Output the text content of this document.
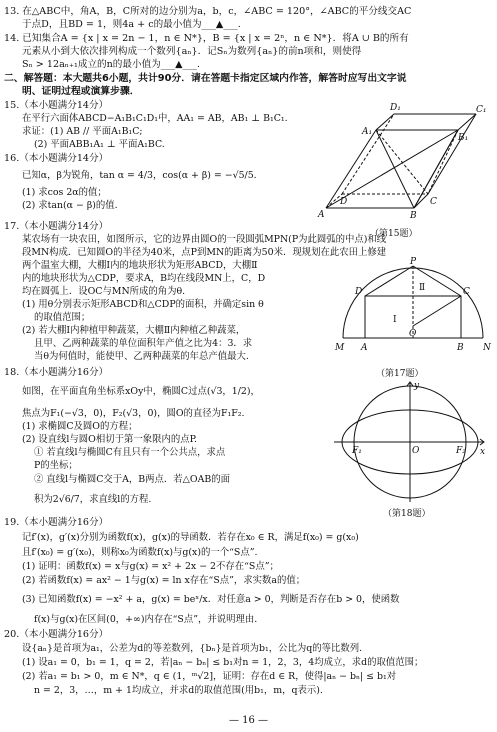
13. 在△ABC中，角A，B，C所对的边分别为a，b，c，∠ABC = 120°，∠ABC的平分线交AC
于点D，且BD = 1，则4a + c的最小值为___▲___.
14. 已知集合A = {x | x = 2n − 1，n ∈ N*}，B = {x | x = 2ⁿ，n ∈ N*}．将A ∪ B的所有
元素从小到大依次排列构成一个数列{aₙ}．记Sₙ为数列{aₙ}的前n项和，则使得
Sₙ > 12aₙ₊₁成立的n的最小值为___▲___.
二、解答题：本大题共6小题，共计90分．请在答题卡指定区域内作答，解答时应写出文字说
明、证明过程或演算步骤．
15.（本小题满分14分）
在平行六面体ABCD−A₁B₁C₁D₁中，AA₁ = AB，AB₁ ⊥ B₁C₁.
求证：(1) AB // 平面A₁B₁C;
(2) 平面ABB₁A₁ ⊥ 平面A₁BC.
16.（本小题满分14分）
已知α，β为锐角，tan α = 4/3，cos(α + β) = −√5/5.
(1) 求cos 2α的值；
(2) 求tan(α − β)的值.
17.（本小题满分14分）
某农场有一块农田，如图所示，它的边界由圆O的一段圆弧MPN(P为此圆弧的中点)和线
段MN构成．已知圆O的半径为40米，点P到MN的距离为50米．现规划在此农田上修建
两个温室大棚，大棚Ⅰ内的地块形状为矩形ABCD，大棚Ⅱ
内的地块形状为△CDP，要求A，B均在线段MN上，C，D
均在圆弧上．设OC与MN所成的角为θ.
(1) 用θ分别表示矩形ABCD和△CDP的面积，并确定sin θ
的取值范围；
(2) 若大棚Ⅰ内种植甲种蔬菜，大棚Ⅱ内种植乙种蔬菜，
且甲、乙两种蔬菜的单位面积年产值之比为4：3．求
当θ为何值时，能使甲、乙两种蔬菜的年总产值最大.
18.（本小题满分16分）
如图，在平面直角坐标系xOy中，椭圆C过点(√3，1/2)，
焦点为F₁(−√3，0)，F₂(√3，0)，圆O的直径为F₁F₂.
(1) 求椭圆C及圆O的方程；
(2) 设直线l与圆O相切于第一象限内的点P.
① 若直线l与椭圆C有且只有一个公共点，求点
P的坐标；
② 直线l与椭圆C交于A，B两点．若△OAB的面
积为2√6/7，求直线l的方程.
19.（本小题满分16分）
记f′(x)，g′(x)分别为函数f(x)，g(x)的导函数．若存在x₀ ∈ R，满足f(x₀) = g(x₀)
且f′(x₀) = g′(x₀)，则称x₀为函数f(x)与g(x)的一个“S点”.
(1) 证明：函数f(x) = x与g(x) = x² + 2x − 2不存在“S点”；
(2) 若函数f(x) = ax² − 1与g(x) = ln x存在“S点”，求实数a的值；
(3) 已知函数f(x) = −x² + a，g(x) = beˣ/x．对任意a > 0，判断是否存在b > 0，使函数
f(x)与g(x)在区间(0，+∞)内存在“S点”，并说明理由.
20.（本小题满分16分）
设{aₙ}是首项为a₁，公差为d的等差数列，{bₙ}是首项为b₁，公比为q的等比数列.
(1) 设a₁ = 0，b₁ = 1，q = 2，若|aₙ − bₙ| ≤ b₁对n = 1，2，3，4均成立，求d的取值范围；
(2) 若a₁ = b₁ > 0，m ∈ N*，q ∈ (1，ᵐ√2]，证明：存在d ∈ R，使得|aₙ − bₙ| ≤ b₁对
n = 2，3，…，m + 1均成立，并求d的取值范围(用b₁，m，q表示).
A	B
C
D
A₁
B₁
C₁
D₁
（第15题）
P
C
D
A
O
B
M	N
Ⅰ
Ⅱ
（第17题）
y
x
O
F₁	F₂
（第18题）
— 16 —
